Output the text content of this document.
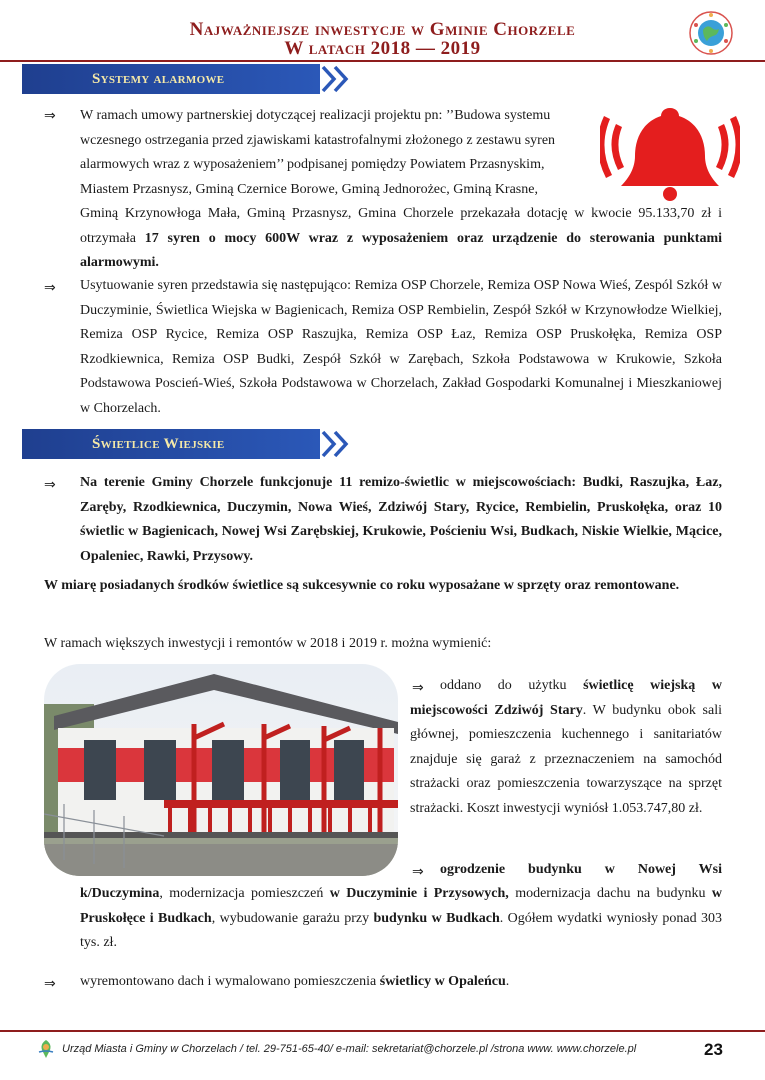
Najważniejsze inwestycje w Gminie Chorzele
W latach 2018 — 2019
Systemy alarmowe
⇒ W ramach umowy partnerskiej dotyczącej realizacji projektu pn: ’’Budowa systemu
wczesnego ostrzegania przed zjawiskami katastrofalnymi złożonego z zestawu syren
alarmowych wraz z wyposażeniem’’ podpisanej pomiędzy Powiatem Przasnyskim,
Miastem Przasnysz, Gminą Czernice Borowe, Gminą Jednorożec, Gminą Krasne,
Gminą Krzynowłoga Mała, Gminą Przasnysz, Gmina Chorzele przekazała dotację w kwocie 95.133,70 zł i otrzymała 17 syren o mocy 600W wraz z wyposażeniem oraz urządzenie do sterowania punktami alarmowymi.
⇒ Usytuowanie syren przedstawia się następująco: Remiza OSP Chorzele, Remiza OSP Nowa Wieś, Zespól Szkół w Duczyminie, Świetlica Wiejska w Bagienicach, Remiza OSP Rembielin, Zespół Szkół w Krzynowłodze Wielkiej, Remiza OSP Rycice, Remiza OSP Raszujka, Remiza OSP Łaz, Remiza OSP Pruskołęka, Remiza OSP Rzodkiewnica, Remiza OSP Budki, Zespół Szkół w Zarębach, Szkoła Podstawowa w Krukowie, Szkoła Podstawowa Poscień-Wieś, Szkoła Podstawowa w Chorzelach, Zakład Gospodarki Komunalnej i Mieszkaniowej w Chorzelach.
Świetlice Wiejskie
⇒ Na terenie Gminy Chorzele funkcjonuje 11 remizo-świetlic w miejscowościach: Budki, Raszujka, Łaz, Zaręby, Rzodkiewnica, Duczymin, Nowa Wieś, Zdziwój Stary, Rycice, Rembielin, Pruskołęka, oraz 10 świetlic w Bagienicach, Nowej Wsi Zarębskiej, Krukowie, Pościeniu Wsi, Budkach, Niskie Wielkie, Mącice, Opaleniec, Rawki, Przysowy.
W miarę posiadanych środków świetlice są sukcesywnie co roku wyposażane w sprzęty oraz remontowane.
W ramach większych inwestycji i remontów w 2018 i 2019 r. można wymienić:
⇒	oddano do użytku świetlicę wiejską w miejscowości Zdziwój Stary. W budynku obok sali głównej, pomieszczenia kuchennego i sanitariatów znajduje się garaż z przeznaczeniem na samochód strażacki oraz pomieszczenia towarzyszące na sprzęt strażacki. Koszt inwestycji wyniósł 1.053.747,80 zł.
⇒ ogrodzenie budynku w Nowej Wsi
k/Duczymina, modernizacja pomieszczeń w Duczyminie i Przysowych, modernizacja dachu na budynku w Pruskołęce i Budkach, wybudowanie garażu przy budynku w Budkach. Ogółem wydatki wyniosły ponad 303 tys. zł.
⇒ wyremontowano dach i wymalowano pomieszczenia świetlicy w Opaleńcu.
Urząd Miasta i Gminy w Chorzelach / tel. 29-751-65-40/ e-mail: sekretariat@chorzele.pl /strona www. www.chorzele.pl	23
